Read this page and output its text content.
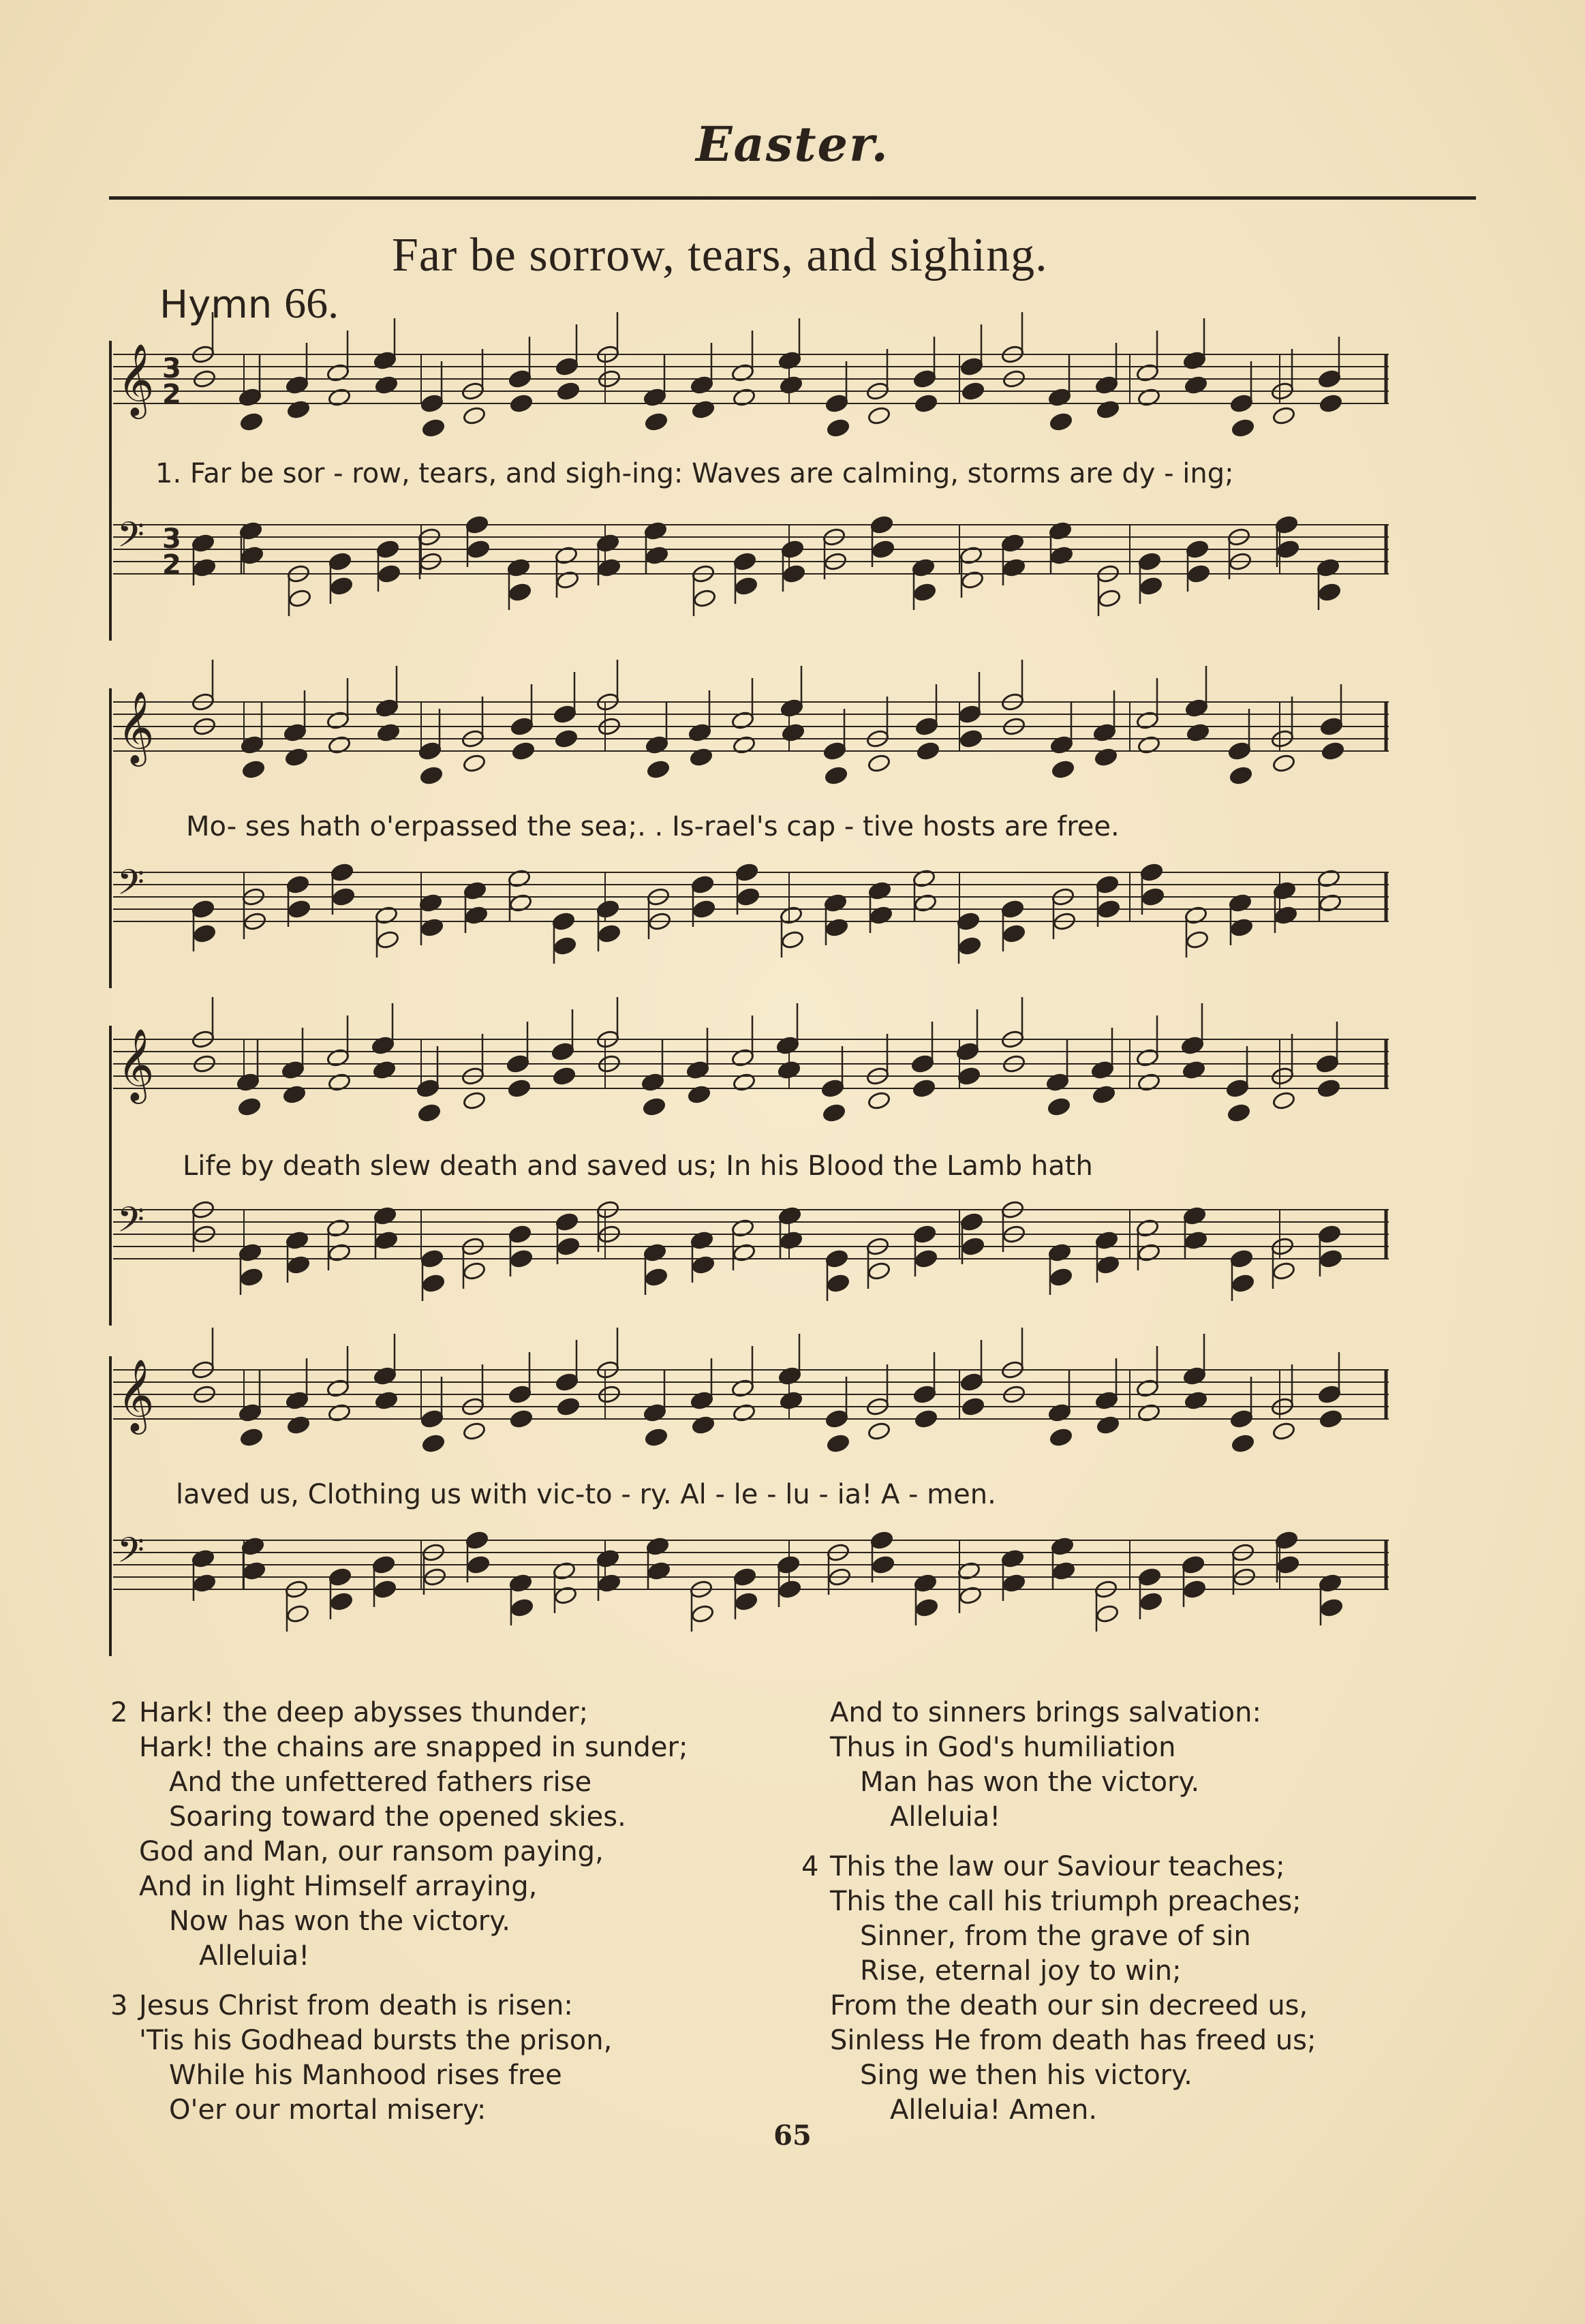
Easter.
Far be sorrow, tears, and sighing.
Hymn 66.
𝄞 3
2
𝄢 3
2
1. Far be sor - row, tears, and sigh-ing: Waves are calming, storms are dy - ing;
𝄞
𝄢
Mo- ses hath o'erpassed the sea;. . Is-rael's cap - tive hosts are free.
𝄞
𝄢
Life by death slew death and saved us; In his Blood the Lamb hath
𝄞
𝄢
laved us, Clothing us with vic-to - ry. Al - le - lu - ia! A - men.
2 Hark! the deep abysses thunder;
Hark! the chains are snapped in sunder;
And the unfettered fathers rise
Soaring toward the opened skies.
God and Man, our ransom paying,
And in light Himself arraying,
Now has won the victory.
Alleluia!
3 Jesus Christ from death is risen:
'Tis his Godhead bursts the prison,
While his Manhood rises free
O'er our mortal misery:
And to sinners brings salvation:
Thus in God's humiliation
Man has won the victory.
Alleluia!
4 This the law our Saviour teaches;
This the call his triumph preaches;
Sinner, from the grave of sin
Rise, eternal joy to win;
From the death our sin decreed us,
Sinless He from death has freed us;
Sing we then his victory.
Alleluia! Amen.
65
